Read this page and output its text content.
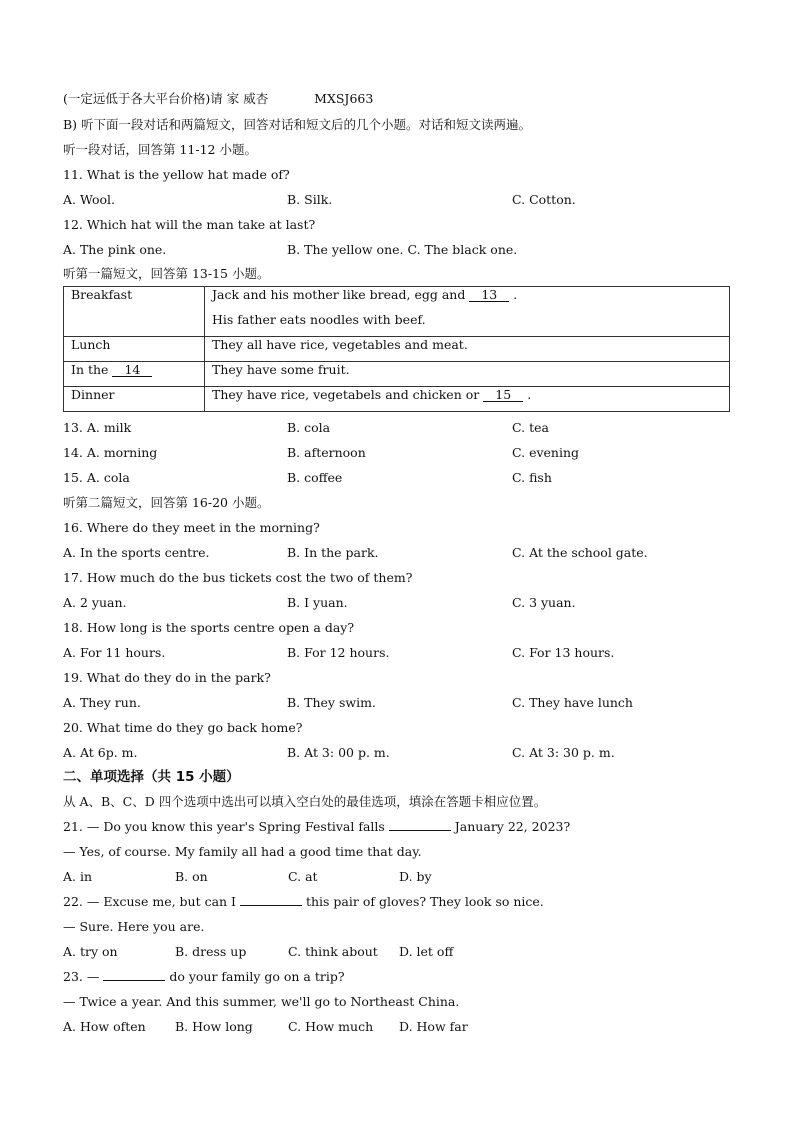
(一定远低于各大平台价格)请 家 威杏	MXSJ663
B) 听下面一段对话和两篇短文，回答对话和短文后的几个小题。对话和短文读两遍。
听一段对话，回答第 11-12 小题。
11. What is the yellow hat made of?
A. Wool.	B. Silk.	C. Cotton.
12. Which hat will the man take at last?
A. The pink one.	B. The yellow one. C. The black one.
听第一篇短文，回答第 13-15 小题。
Breakfast	Jack and his mother like bread, egg and 13 .
His father eats noodles with beef.

Lunch	They all have rice, vegetables and meat.
In the 14	They have some fruit.
Dinner	They have rice, vegetabels and chicken or 15 .
13. A. milk	B. cola	C. tea
14. A. morning	B. afternoon	C. evening
15. A. cola	B. coffee	C. fish
听第二篇短文，回答第 16-20 小题。
16. Where do they meet in the morning?
A. In the sports centre.	B. In the park.	C. At the school gate.
17. How much do the bus tickets cost the two of them?
A. 2 yuan.	B. I yuan.	C. 3 yuan.
18. How long is the sports centre open a day?
A. For 11 hours.	B. For 12 hours.	C. For 13 hours.
19. What do they do in the park?
A. They run.	B. They swim.	C. They have lunch
20. What time do they go back home?
A. At 6p. m.	B. At 3: 00 p. m.	C. At 3: 30 p. m.
二、单项选择（共 15 小题）
从 A、B、C、D 四个选项中选出可以填入空白处的最佳选项，填涂在答题卡相应位置。
21. — Do you know this year's Spring Festival falls	January 22, 2023?
— Yes, of course. My family all had a good time that day.
A. in	B. on	C. at	D. by
22. — Excuse me, but can I	this pair of gloves? They look so nice.
— Sure. Here you are.
A. try on	B. dress up	C. think about D. let off
23. —	do your family go on a trip?
— Twice a year. And this summer, we'll go to Northeast China.
A. How often B. How long	C. How much D. How far
